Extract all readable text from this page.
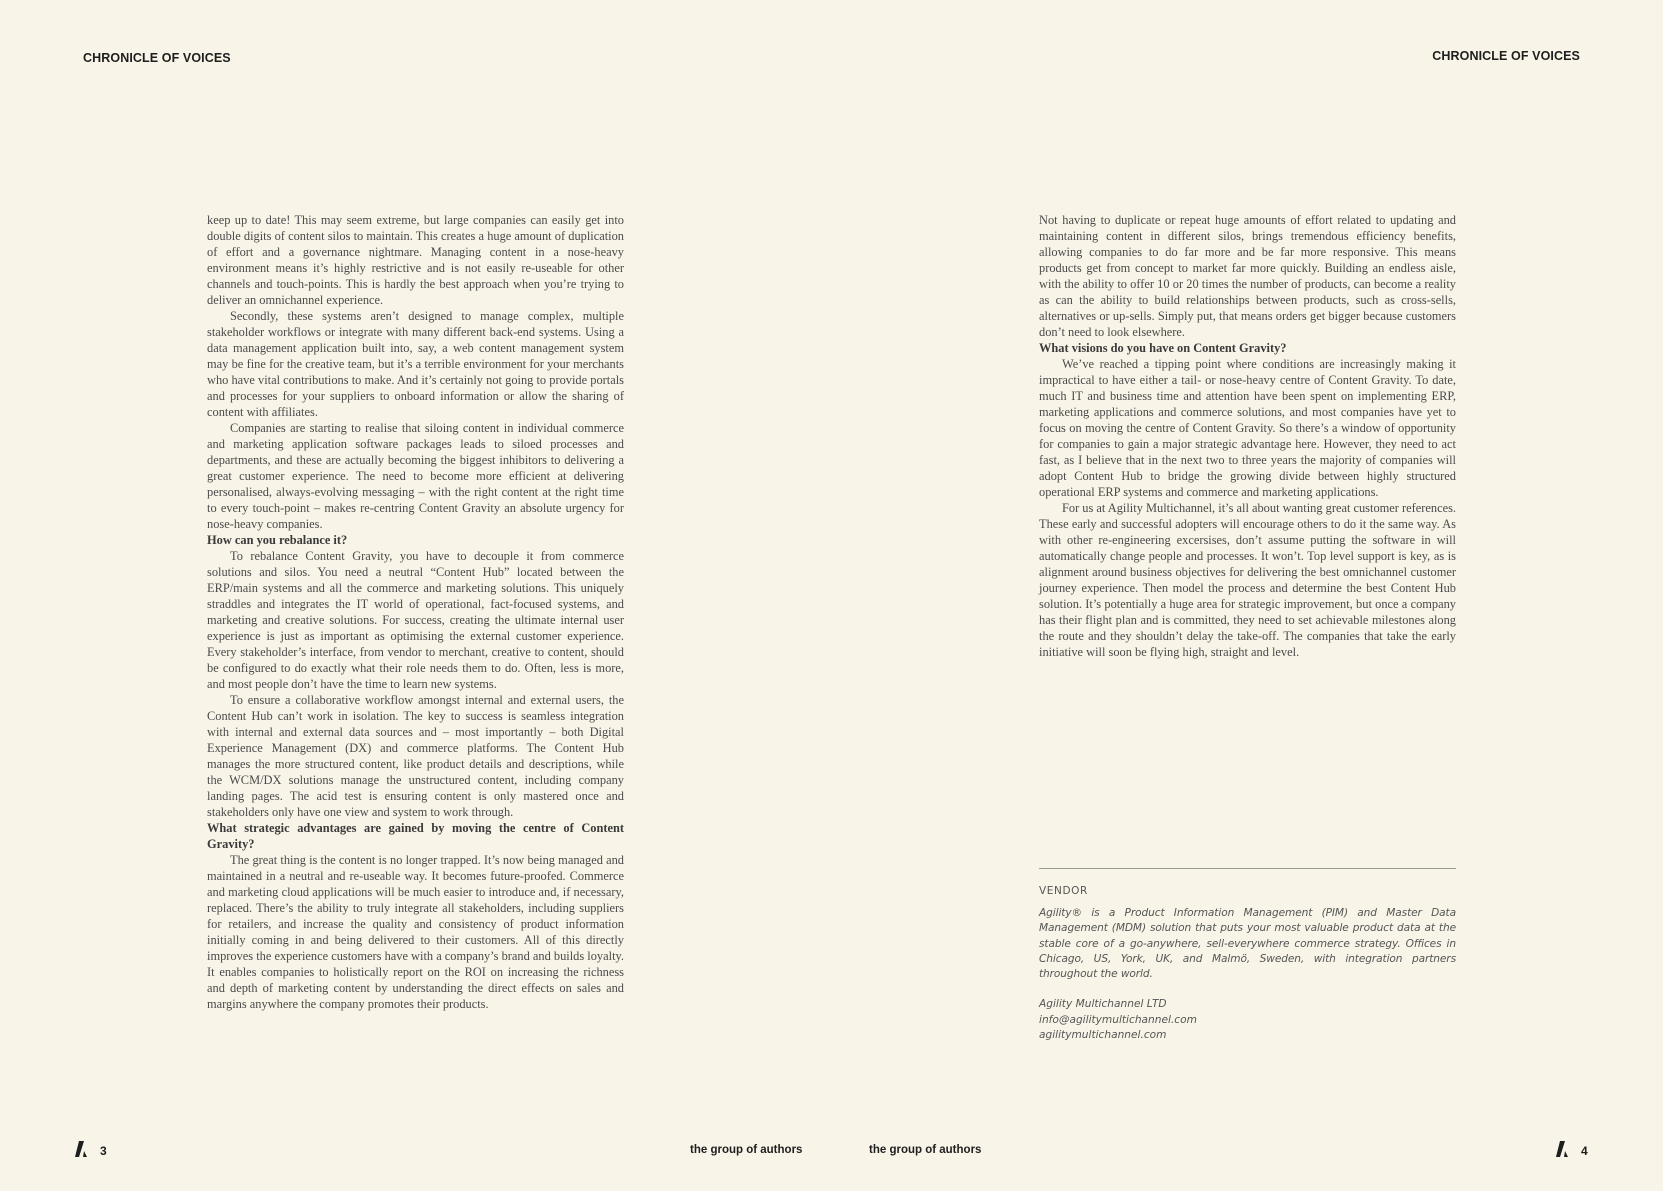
CHRONICLE OF VOICES	CHRONICLE OF VOICES

keep up to date! This may seem extreme, but large companies can easily get into double digits of content silos to maintain. This creates a huge amount of duplication of effort and a governance nightmare. Managing content in a nose-heavy environment means it’s highly restrictive and is not easily re-useable for other channels and touch-points. This is hardly the best approach when you’re trying to deliver an omnichannel experience.

Secondly, these systems aren’t designed to manage complex, multiple stakeholder workflows or integrate with many different back-end systems. Using a data management application built into, say, a web content management system may be fine for the creative team, but it’s a terrible environment for your merchants who have vital contributions to make. And it’s certainly not going to provide portals and processes for your suppliers to onboard information or allow the sharing of content with affiliates.

Companies are starting to realise that siloing content in individual commerce and marketing application software packages leads to siloed processes and departments, and these are actually becoming the biggest inhibitors to delivering a great customer experience. The need to become more efficient at delivering personalised, always-evolving messaging – with the right content at the right time to every touch-point – makes re-centring Content Gravity an absolute urgency for nose-heavy companies.

How can you rebalance it?

To rebalance Content Gravity, you have to decouple it from commerce solutions and silos. You need a neutral “Content Hub” located between the ERP/main systems and all the commerce and marketing solutions. This uniquely straddles and integrates the IT world of operational, fact-focused systems, and marketing and creative solutions. For success, creating the ultimate internal user experience is just as important as optimising the external customer experience. Every stakeholder’s interface, from vendor to merchant, creative to content, should be configured to do exactly what their role needs them to do. Often, less is more, and most people don’t have the time to learn new systems.

To ensure a collaborative workflow amongst internal and external users, the Content Hub can’t work in isolation. The key to success is seamless integration with internal and external data sources and – most importantly – both Digital Experience Management (DX) and commerce platforms. The Content Hub manages the more structured content, like product details and descriptions, while the WCM/DX solutions manage the unstructured content, including company landing pages. The acid test is ensuring content is only mastered once and stakeholders only have one view and system to work through.

What strategic advantages are gained by moving the centre of Content Gravity?

The great thing is the content is no longer trapped. It’s now being managed and maintained in a neutral and re-useable way. It becomes future-proofed. Commerce and marketing cloud applications will be much easier to introduce and, if necessary, replaced. There’s the ability to truly integrate all stakeholders, including suppliers for retailers, and increase the quality and consistency of product information initially coming in and being delivered to their customers. All of this directly improves the experience customers have with a company’s brand and builds loyalty. It enables companies to holistically report on the ROI on increasing the richness and depth of marketing content by understanding the direct effects on sales and margins anywhere the company promotes their products.

Not having to duplicate or repeat huge amounts of effort related to updating and maintaining content in different silos, brings tremendous efficiency benefits, allowing companies to do far more and be far more responsive. This means products get from concept to market far more quickly. Building an endless aisle, with the ability to offer 10 or 20 times the number of products, can become a reality as can the ability to build relationships between products, such as cross-sells, alternatives or up-sells. Simply put, that means orders get bigger because customers don’t need to look elsewhere.

What visions do you have on Content Gravity?

We’ve reached a tipping point where conditions are increasingly making it impractical to have either a tail- or nose-heavy centre of Content Gravity. To date, much IT and business time and attention have been spent on implementing ERP, marketing applications and commerce solutions, and most companies have yet to focus on moving the centre of Content Gravity. So there’s a window of opportunity for companies to gain a major strategic advantage here. However, they need to act fast, as I believe that in the next two to three years the majority of companies will adopt Content Hub to bridge the growing divide between highly structured operational ERP systems and commerce and marketing applications.

For us at Agility Multichannel, it’s all about wanting great customer references. These early and successful adopters will encourage others to do it the same way. As with other re-engineering excersises, don’t assume putting the software in will automatically change people and processes. It won’t. Top level support is key, as is alignment around business objectives for delivering the best omnichannel customer journey experience. Then model the process and determine the best Content Hub solution. It’s potentially a huge area for strategic improvement, but once a company has their flight plan and is committed, they need to set achievable milestones along the route and they shouldn’t delay the take-off. The companies that take the early initiative will soon be flying high, straight and level.

VENDOR
Agility® is a Product Information Management (PIM) and Master Data Management (MDM) solution that puts your most valuable product data at the stable core of a go-anywhere, sell-everywhere commerce strategy. Offices in Chicago, US, York, UK, and Malmö, Sweden, with integration partners throughout the world.
Agility Multichannel LTD
info@agilitymultichannel.com
agilitymultichannel.com
3	the group of authors	the group of authors	4
